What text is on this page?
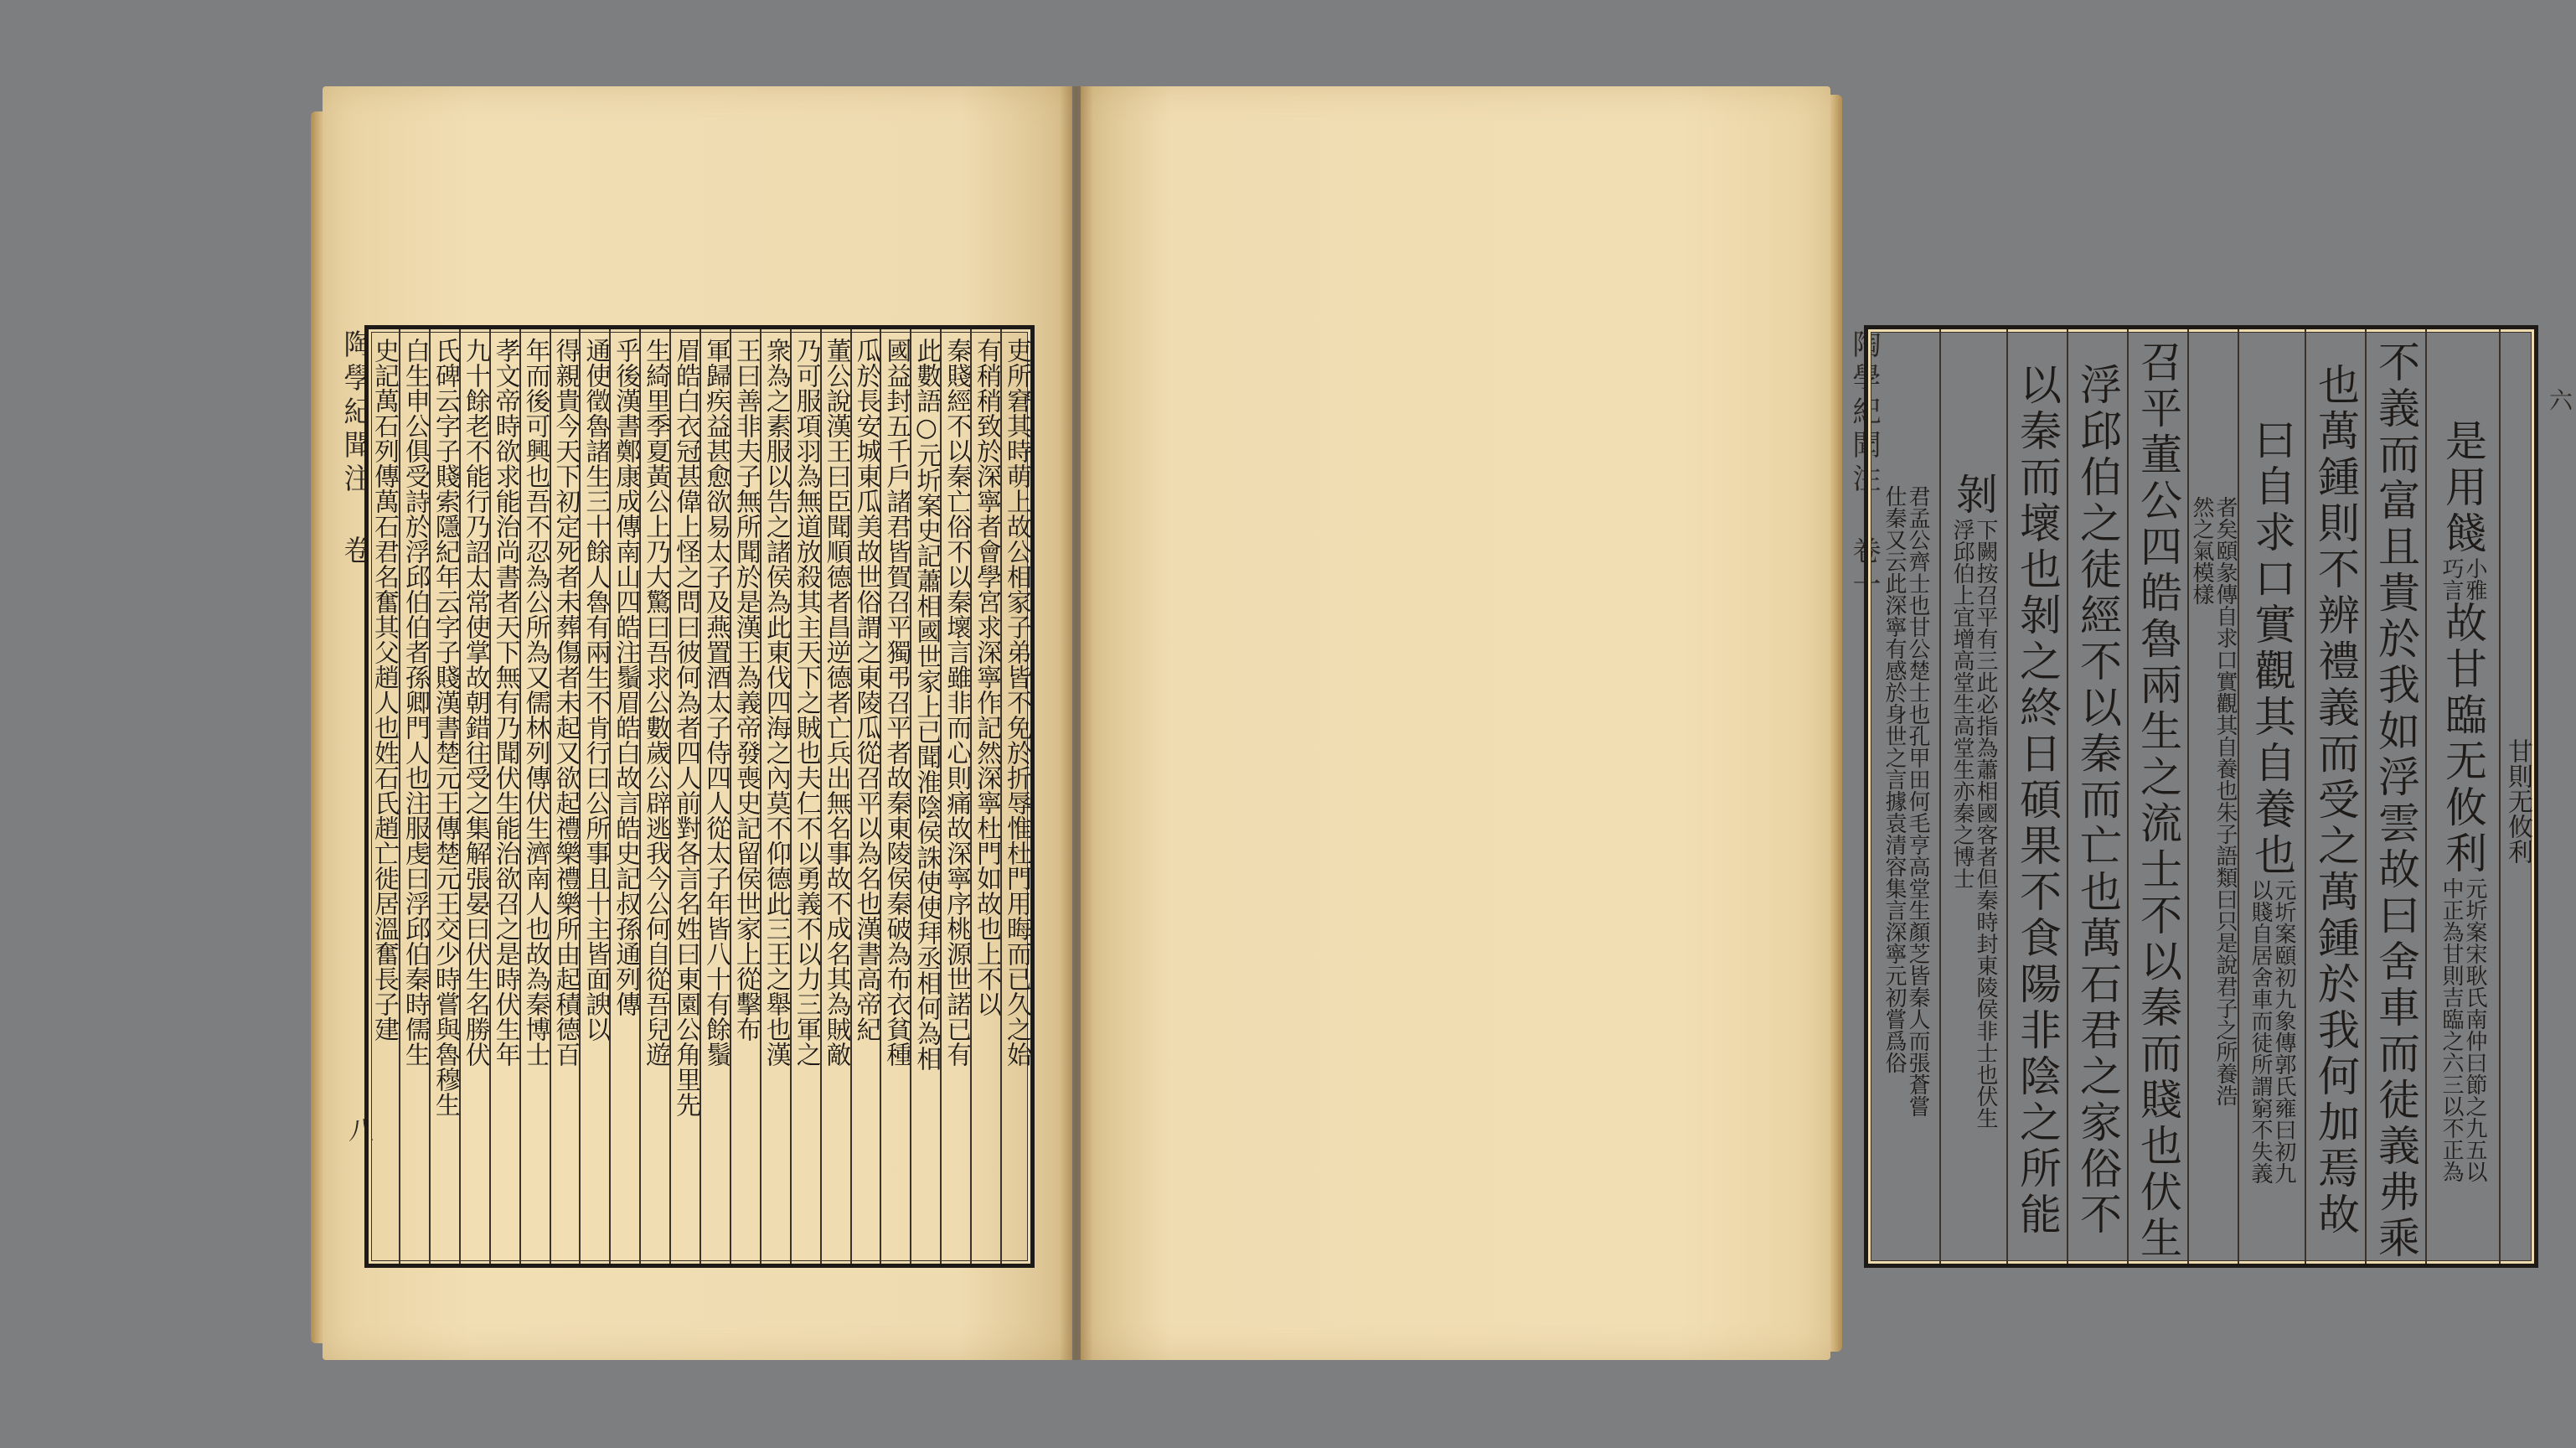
陶學紀聞注 卷
八
吏所窘其時萌上故公相家子弟皆不免於折辱惟杜門用晦而已久之始
有稍稍致於深寧者會學宮求深寧作記然深寧杜門如故也上不以
秦賤經不以秦亡俗不以秦壞言雖非而心則痛故深寧序桃源世諾已有
此數語○元圻案史記蕭相國世家上已聞淮陰侯誅使使拜丞相何為相
國益封五千戶諸君皆賀召平獨弔召平者故秦東陵侯秦破為布衣貧種
瓜於長安城東瓜美故世俗謂之東陵瓜從召平以為名也漢書高帝紀
董公說漢王曰臣聞順德者昌逆德者亡兵出無名事故不成名其為賊敵
乃可服項羽為無道放殺其主天下之賊也夫仁不以勇義不以力三軍之
衆為之素服以告之諸侯為此東伐四海之內莫不仰德此三王之舉也漢
王曰善非夫子無所聞於是漢王為義帝發喪史記留侯世家上從擊布
軍歸疾益甚愈欲易太子及燕置酒太子侍四人從太子年皆八十有餘鬚
眉皓白衣冠甚偉上怪之問曰彼何為者四人前對各言名姓曰東園公角里先
生綺里季夏黃公上乃大驚曰吾求公數歲公辟逃我今公何自從吾兒遊
乎後漢書鄭康成傳南山四皓注鬚眉皓白故言皓史記叔孫通列傳
通使徵魯諸生三十餘人魯有兩生不肯行曰公所事且十主皆面諛以
得親貴今天下初定死者未葬傷者未起又欲起禮樂禮樂所由起積德百
年而後可興也吾不忍為公所為又儒林列傳伏生濟南人也故為秦博士
孝文帝時欲求能治尚書者天下無有乃聞伏生能治欲召之是時伏生年
九十餘老不能行乃詔太常使掌故朝錯往受之集解張晏曰伏生名勝伏
氏碑云字子賤索隱紀年云字子賤漢書楚元王傳楚元王交少時嘗與魯穆生
白生申公俱受詩於浮邱伯伯者孫卿門人也注服虔曰浮邱伯秦時儒生
史記萬石列傳萬石君名奮其父趙人也姓石氏趙亡徙居溫奮長子建	陶學紀聞注 卷一	六
甘則无攸利
是用餞
小雅
巧言
故甘臨无攸利
元圻案宋耿氏南仲曰節之九五以
中正為甘則吉臨之六三以不正為
不義而富且貴於我如浮雲故曰舍車而徒義弗乘
也萬鍾則不辨禮義而受之萬鍾於我何加焉故
曰自求口實觀其自養也
元圻案頤初九象傳郭氏雍曰初九
以賤自居舍車而徒所謂窮不失義
者矣頤彖傳自求口實觀其自養也朱子語類曰只是說君子之所養浩
然之氣模樣
召平董公四皓魯兩生之流士不以秦而賤也伏生
浮邱伯之徒經不以秦而亡也萬石君之家俗不
以秦而壞也剝之終日碩果不食陽非陰之所能
剝
下闕按召平有三此必指為蕭相國客者但秦時封東陵侯非士也伏生
浮邱伯上宜增高堂生高堂生亦秦之博士
君孟公齊士也甘公楚士也孔甲田何毛亨高堂生顏芝皆秦人而張蒼嘗
仕秦又云此深寧有感於身世之言據袁清容集言深寧元初嘗爲俗
